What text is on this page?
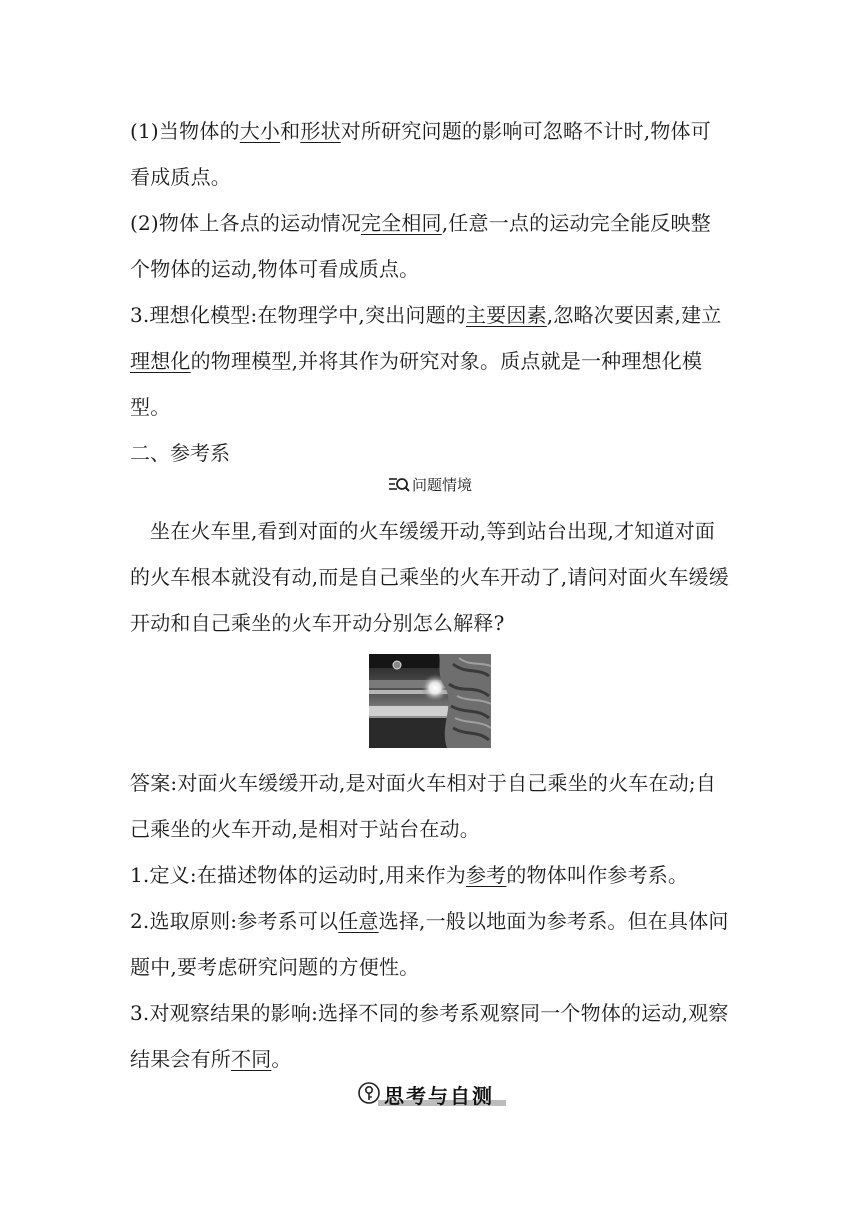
(1)当物体的大小和形状对所研究问题的影响可忽略不计时,物体可看成质点。

(2)物体上各点的运动情况完全相同,任意一点的运动完全能反映整个物体的运动,物体可看成质点。

3.理想化模型:在物理学中,突出问题的主要因素,忽略次要因素,建立理想化的物理模型,并将其作为研究对象。质点就是一种理想化模型。

二、参考系

问题情境

坐在火车里,看到对面的火车缓缓开动,等到站台出现,才知道对面的火车根本就没有动,而是自己乘坐的火车开动了,请问对面火车缓缓开动和自己乘坐的火车开动分别怎么解释?

答案:对面火车缓缓开动,是对面火车相对于自己乘坐的火车在动;自己乘坐的火车开动,是相对于站台在动。

1.定义:在描述物体的运动时,用来作为参考的物体叫作参考系。

2.选取原则:参考系可以任意选择,一般以地面为参考系。但在具体问题中,要考虑研究问题的方便性。

3.对观察结果的影响:选择不同的参考系观察同一个物体的运动,观察结果会有所不同。

思考与自测
